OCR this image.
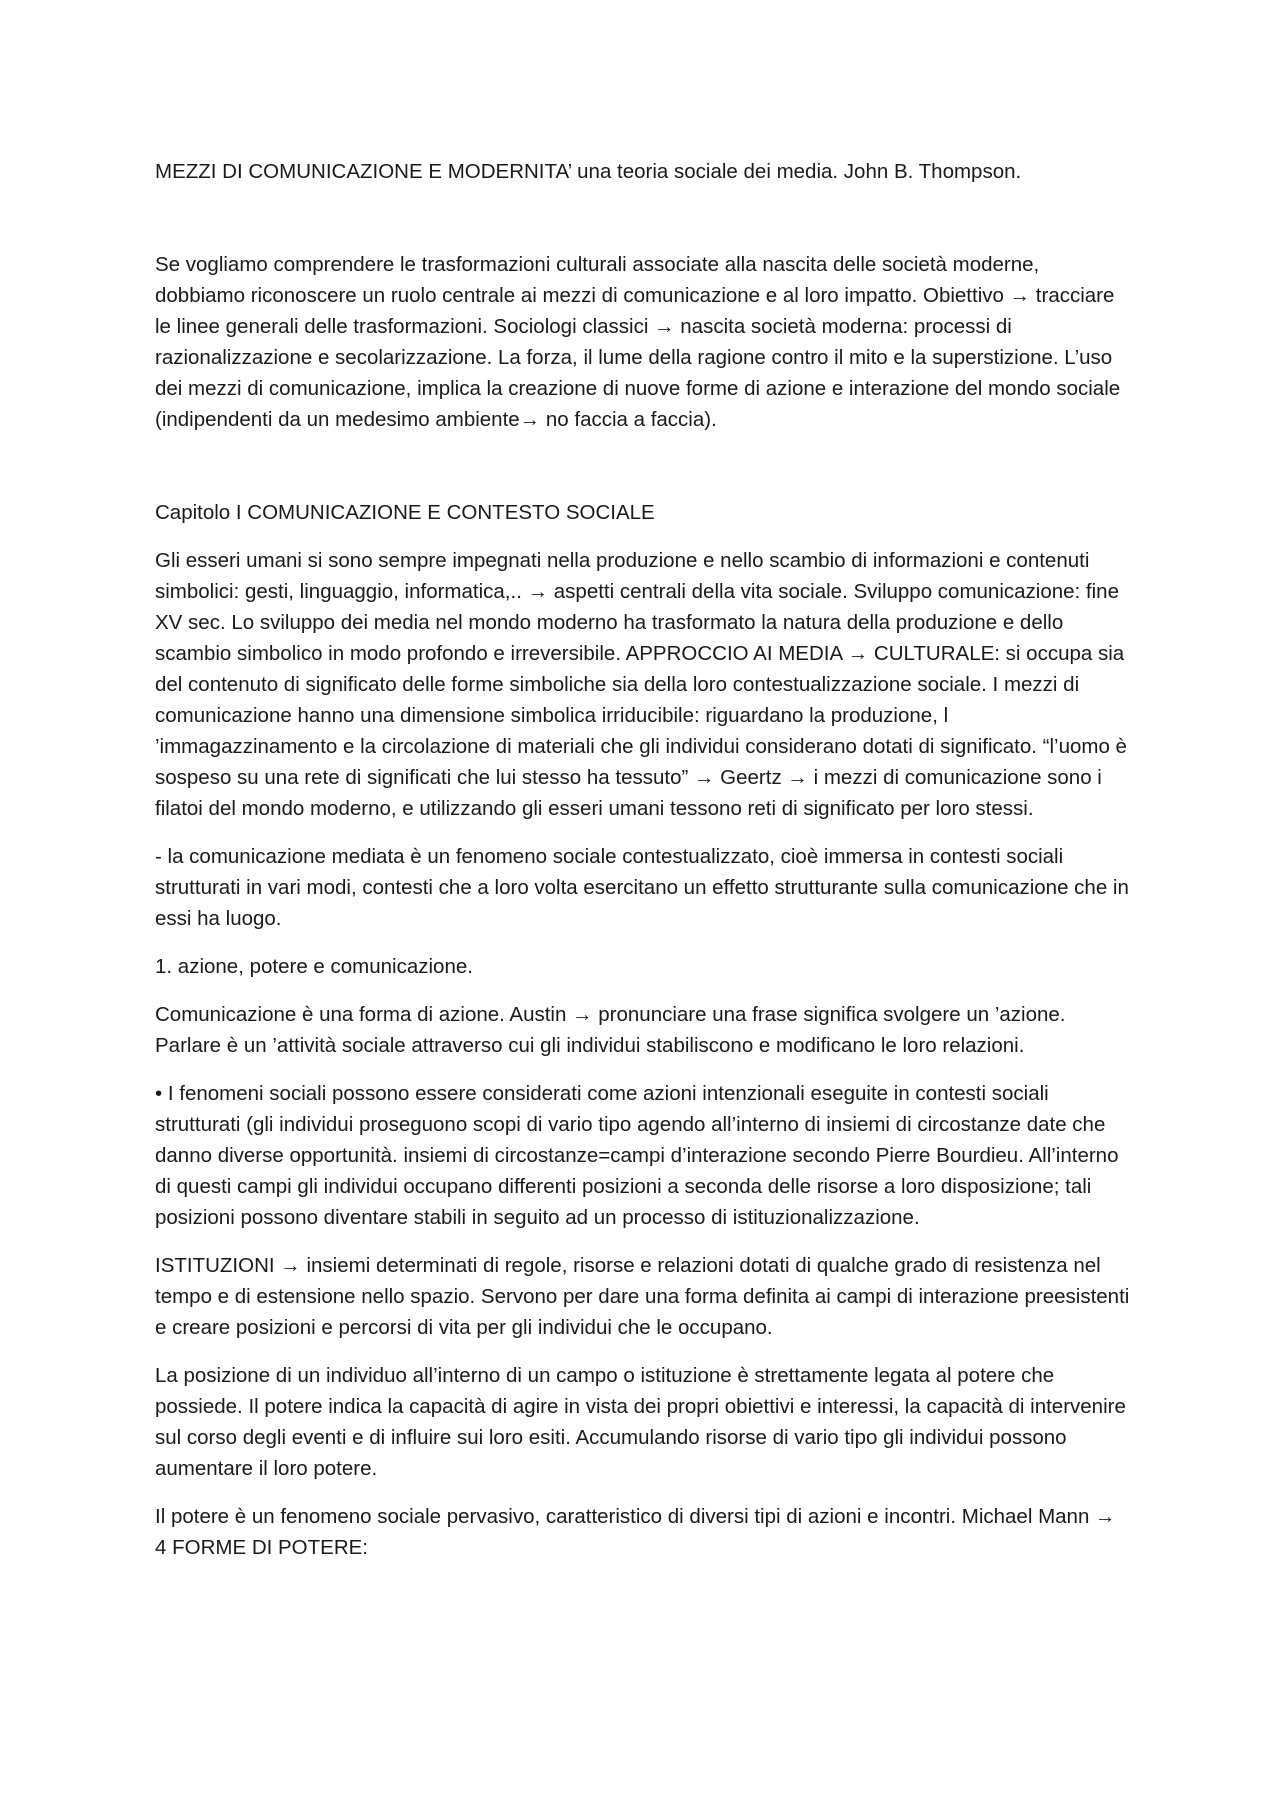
MEZZI DI COMUNICAZIONE E MODERNITA’ una teoria sociale dei media. John B. Thompson.

Se vogliamo comprendere le trasformazioni culturali associate alla nascita delle società moderne, dobbiamo riconoscere un ruolo centrale ai mezzi di comunicazione e al loro impatto. Obiettivo → tracciare le linee generali delle trasformazioni. Sociologi classici → nascita società moderna: processi di razionalizzazione e secolarizzazione. La forza, il lume della ragione contro il mito e la superstizione. L’uso dei mezzi di comunicazione, implica la creazione di nuove forme di azione e interazione del mondo sociale (indipendenti da un medesimo ambiente→ no faccia a faccia).

Capitolo I COMUNICAZIONE E CONTESTO SOCIALE

Gli esseri umani si sono sempre impegnati nella produzione e nello scambio di informazioni e contenuti simbolici: gesti, linguaggio, informatica,.. → aspetti centrali della vita sociale. Sviluppo comunicazione: fine XV sec. Lo sviluppo dei media nel mondo moderno ha trasformato la natura della produzione e dello scambio simbolico in modo profondo e irreversibile. APPROCCIO AI MEDIA → CULTURALE: si occupa sia del contenuto di significato delle forme simboliche sia della loro contestualizzazione sociale. I mezzi di comunicazione hanno una dimensione simbolica irriducibile: riguardano la produzione, l ’immagazzinamento e la circolazione di materiali che gli individui considerano dotati di significato. “l’uomo è sospeso su una rete di significati che lui stesso ha tessuto” → Geertz → i mezzi di comunicazione sono i filatoi del mondo moderno, e utilizzando gli esseri umani tessono reti di significato per loro stessi.

- la comunicazione mediata è un fenomeno sociale contestualizzato, cioè immersa in contesti sociali strutturati in vari modi, contesti che a loro volta esercitano un effetto strutturante sulla comunicazione che in essi ha luogo.

1. azione, potere e comunicazione.

Comunicazione è una forma di azione. Austin → pronunciare una frase significa svolgere un ’azione. Parlare è un ’attività sociale attraverso cui gli individui stabiliscono e modificano le loro relazioni.

• I fenomeni sociali possono essere considerati come azioni intenzionali eseguite in contesti sociali strutturati (gli individui proseguono scopi di vario tipo agendo all’interno di insiemi di circostanze date che danno diverse opportunità. insiemi di circostanze=campi d’interazione secondo Pierre Bourdieu. All’interno di questi campi gli individui occupano differenti posizioni a seconda delle risorse a loro disposizione; tali posizioni possono diventare stabili in seguito ad un processo di istituzionalizzazione.

ISTITUZIONI → insiemi determinati di regole, risorse e relazioni dotati di qualche grado di resistenza nel tempo e di estensione nello spazio. Servono per dare una forma definita ai campi di interazione preesistenti e creare posizioni e percorsi di vita per gli individui che le occupano.

La posizione di un individuo all’interno di un campo o istituzione è strettamente legata al potere che possiede. Il potere indica la capacità di agire in vista dei propri obiettivi e interessi, la capacità di intervenire sul corso degli eventi e di influire sui loro esiti. Accumulando risorse di vario tipo gli individui possono aumentare il loro potere.

Il potere è un fenomeno sociale pervasivo, caratteristico di diversi tipi di azioni e incontri. Michael Mann → 4 FORME DI POTERE:
